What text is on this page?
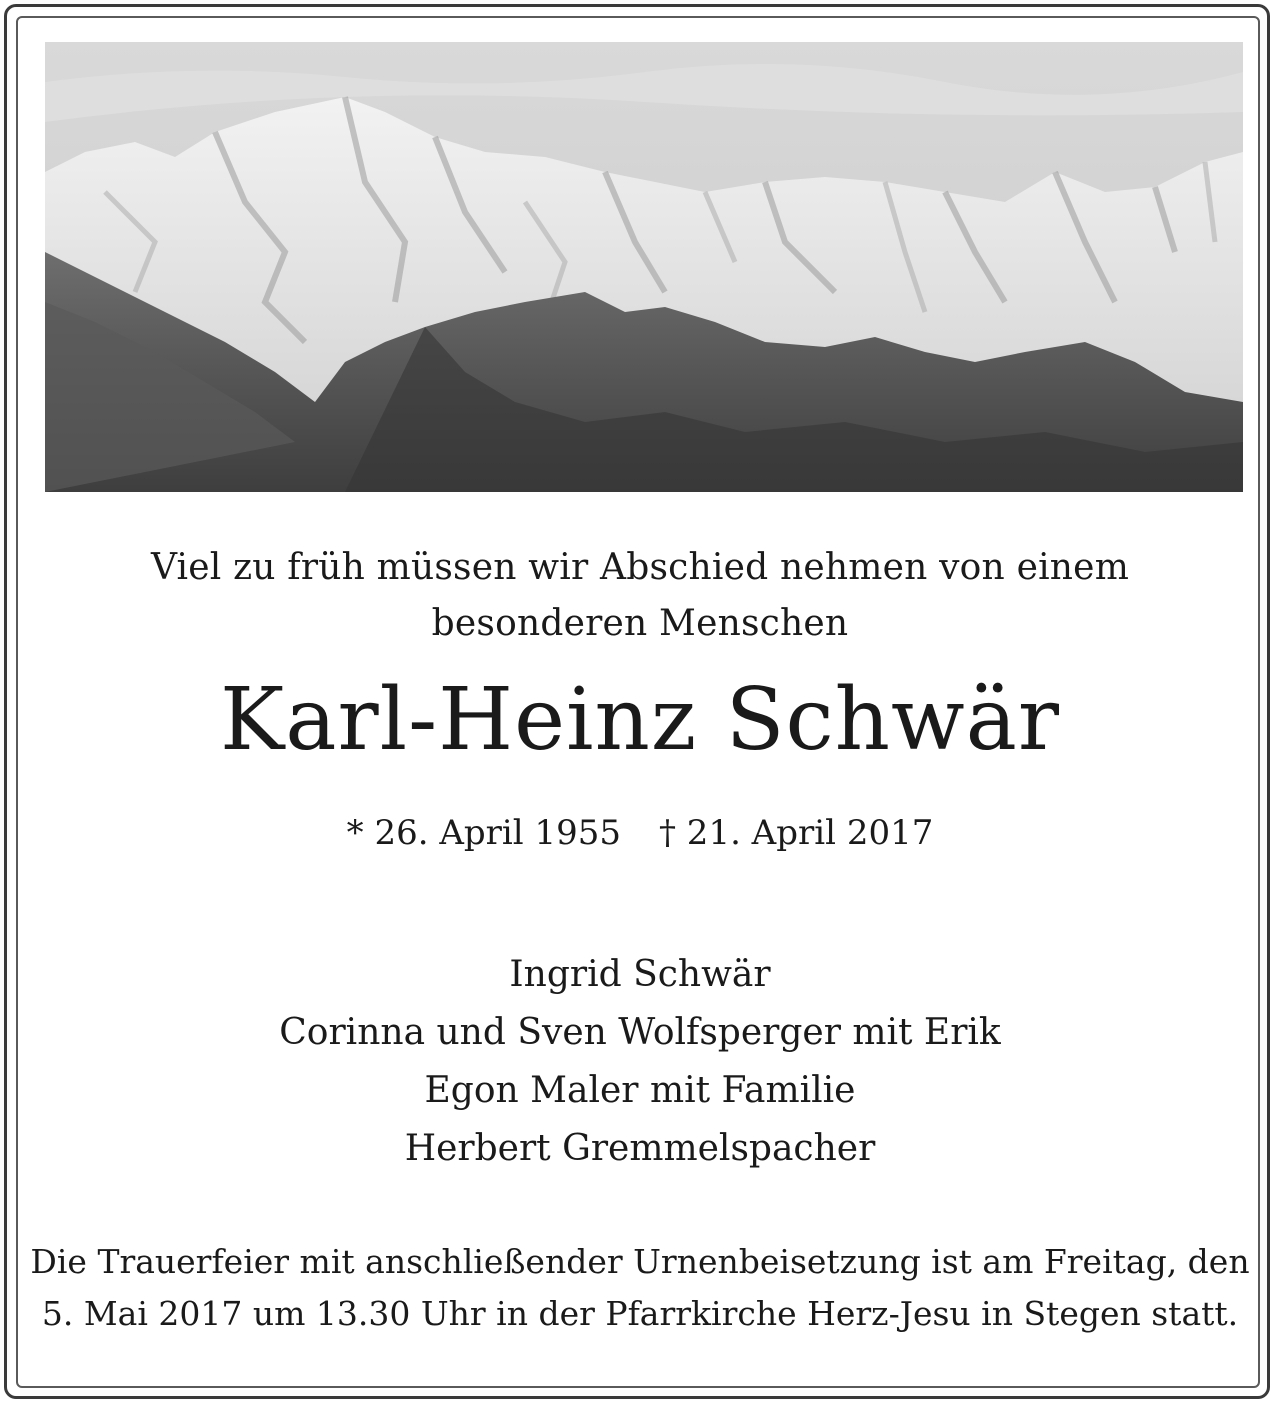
Viel zu früh müssen wir Abschied nehmen von einem
besonderen Menschen
Karl-Heinz Schwär
* 26. April 1955 † 21. April 2017
Ingrid Schwär
Corinna und Sven Wolfsperger mit Erik
Egon Maler mit Familie
Herbert Gremmelspacher
Die Trauerfeier mit anschließender Urnenbeisetzung ist am Freitag, den
5. Mai 2017 um 13.30 Uhr in der Pfarrkirche Herz-Jesu in Stegen statt.
